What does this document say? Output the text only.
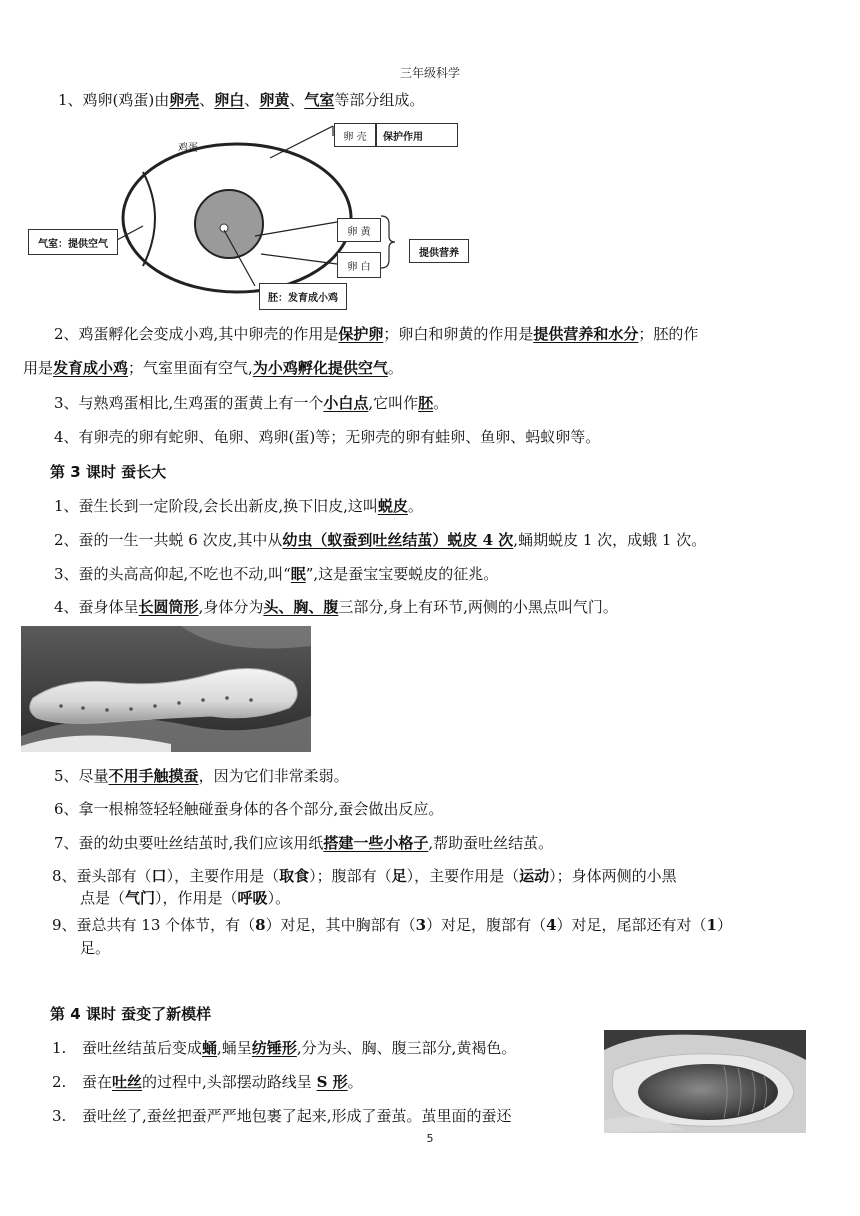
三年级科学
1、鸡卵(鸡蛋)由卵壳、卵白、卵黄、气室等部分组成。
鸡蛋
卵 壳	保护作用
气室：提供空气
卵 黄
卵 白
提供营养
胚：发育成小鸡
2、鸡蛋孵化会变成小鸡,其中卵壳的作用是保护卵；卵白和卵黄的作用是提供营养和水分；胚的作
用是发育成小鸡；气室里面有空气,为小鸡孵化提供空气。
3、与熟鸡蛋相比,生鸡蛋的蛋黄上有一个小白点,它叫作胚。
4、有卵壳的卵有蛇卵、龟卵、鸡卵(蛋)等；无卵壳的卵有蛙卵、鱼卵、蚂蚁卵等。
第 3 课时 蚕长大
1、蚕生长到一定阶段,会长出新皮,换下旧皮,这叫蜕皮。
2、蚕的一生一共蜕 6 次皮,其中从幼虫（蚁蚕到吐丝结茧）蜕皮 4 次,蛹期蜕皮 1 次，成蛾 1 次。
3、蚕的头高高仰起,不吃也不动,叫“眠”,这是蚕宝宝要蜕皮的征兆。
4、蚕身体呈长圆筒形,身体分为头、胸、腹三部分,身上有环节,两侧的小黑点叫气门。
5、尽量不用手触摸蚕，因为它们非常柔弱。
6、拿一根棉签轻轻触碰蚕身体的各个部分,蚕会做出反应。
7、蚕的幼虫要吐丝结茧时,我们应该用纸搭建一些小格子,帮助蚕吐丝结茧。
8、蚕头部有（口），主要作用是（取食）；腹部有（足），主要作用是（运动）；身体两侧的小黑
点是（气门），作用是（呼吸）。
9、蚕总共有 13 个体节，有（8）对足，其中胸部有（3）对足，腹部有（4）对足，尾部还有对（1）
足。
第 4 课时 蚕变了新模样
1. 蚕吐丝结茧后变成蛹,蛹呈纺锤形,分为头、胸、腹三部分,黄褐色。
2. 蚕在吐丝的过程中,头部摆动路线呈 S 形。
3. 蚕吐丝了,蚕丝把蚕严严地包裹了起来,形成了蚕茧。茧里面的蚕还
5
